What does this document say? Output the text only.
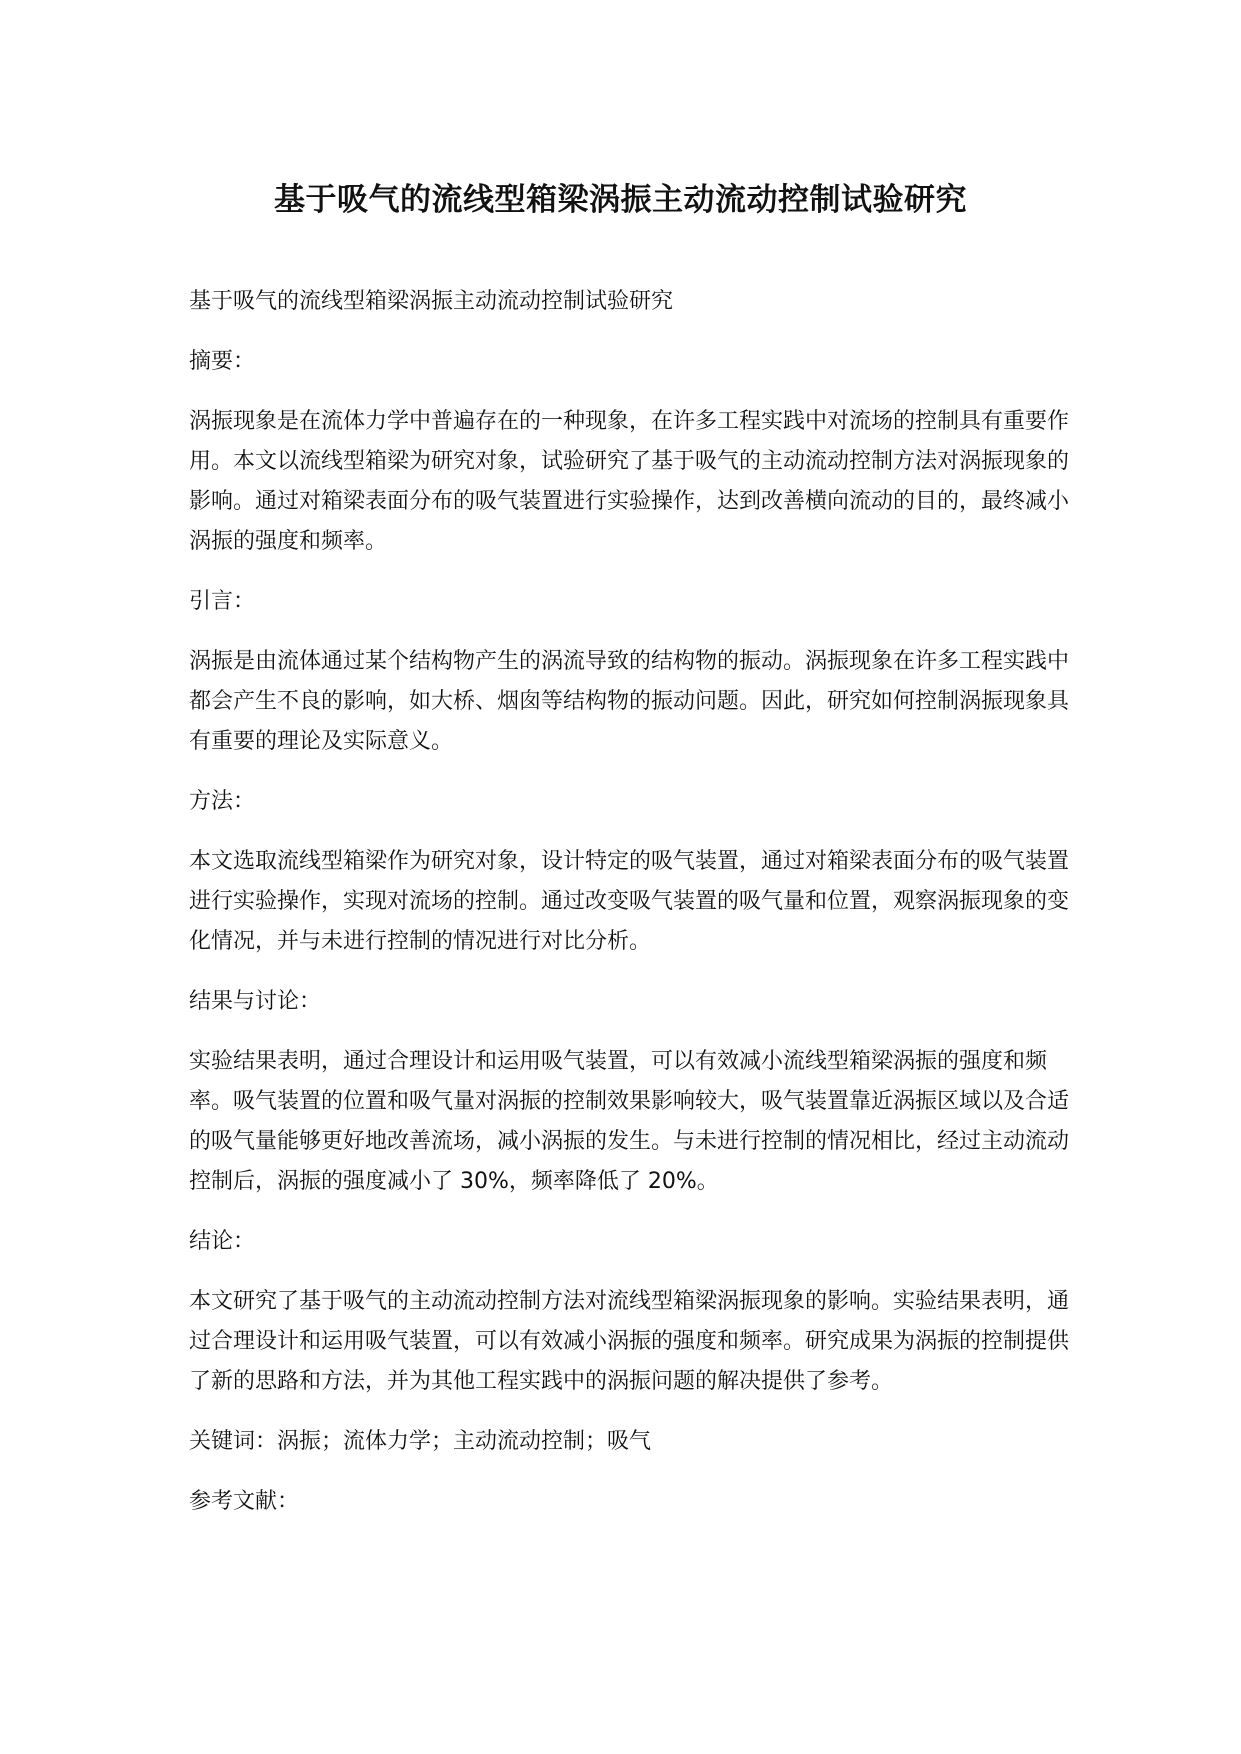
基于吸气的流线型箱梁涡振主动流动控制试验研究

基于吸气的流线型箱梁涡振主动流动控制试验研究

摘要：

涡振现象是在流体力学中普遍存在的一种现象，在许多工程实践中对流场的控制具有重要作用。本文以流线型箱梁为研究对象，试验研究了基于吸气的主动流动控制方法对涡振现象的影响。通过对箱梁表面分布的吸气装置进行实验操作，达到改善横向流动的目的，最终减小涡振的强度和频率。

引言：

涡振是由流体通过某个结构物产生的涡流导致的结构物的振动。涡振现象在许多工程实践中都会产生不良的影响，如大桥、烟囱等结构物的振动问题。因此，研究如何控制涡振现象具有重要的理论及实际意义。

方法：

本文选取流线型箱梁作为研究对象，设计特定的吸气装置，通过对箱梁表面分布的吸气装置进行实验操作，实现对流场的控制。通过改变吸气装置的吸气量和位置，观察涡振现象的变化情况，并与未进行控制的情况进行对比分析。

结果与讨论：

实验结果表明，通过合理设计和运用吸气装置，可以有效减小流线型箱梁涡振的强度和频率。吸气装置的位置和吸气量对涡振的控制效果影响较大，吸气装置靠近涡振区域以及合适的吸气量能够更好地改善流场，减小涡振的发生。与未进行控制的情况相比，经过主动流动控制后，涡振的强度减小了 30%，频率降低了 20%。

结论：

本文研究了基于吸气的主动流动控制方法对流线型箱梁涡振现象的影响。实验结果表明，通过合理设计和运用吸气装置，可以有效减小涡振的强度和频率。研究成果为涡振的控制提供了新的思路和方法，并为其他工程实践中的涡振问题的解决提供了参考。

关键词：涡振；流体力学；主动流动控制；吸气

参考文献：
